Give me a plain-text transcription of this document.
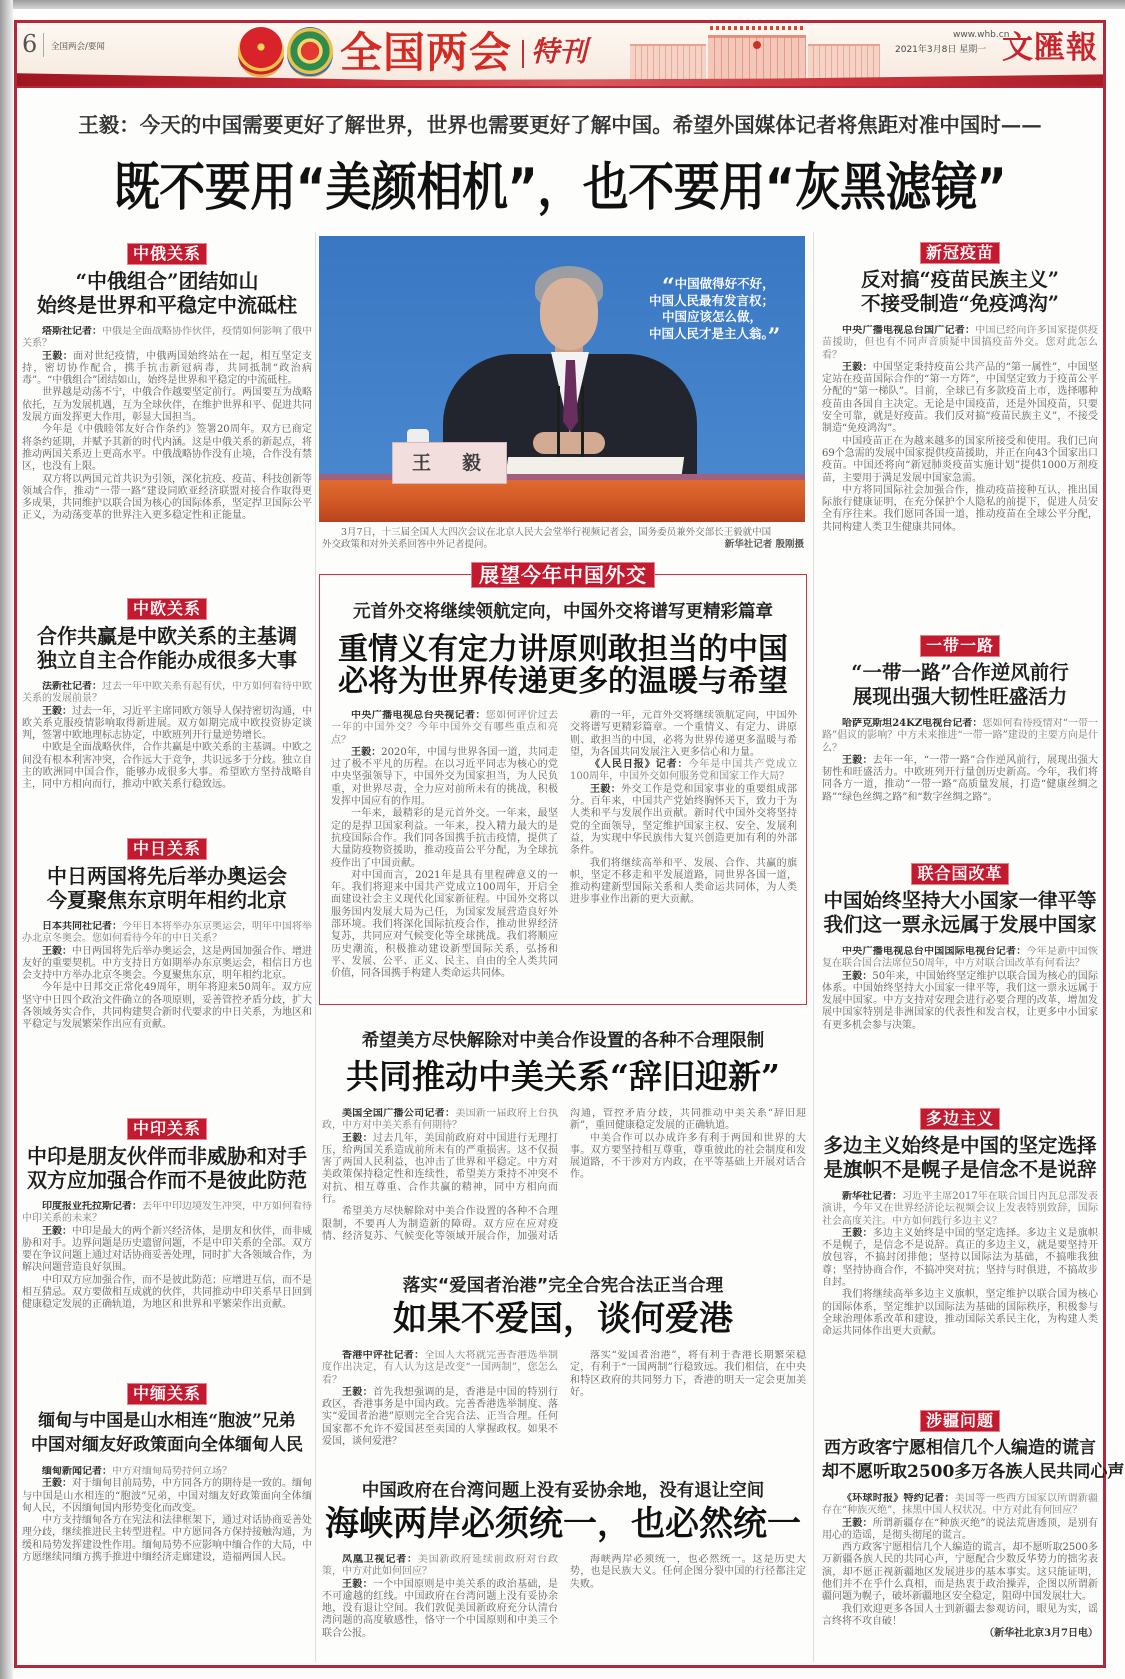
6 全国两会/要闻	全国两会 特刊	www.whb.cn
2021年3月8日 星期一 文匯報
王毅：今天的中国需要更好了解世界，世界也需要更好了解中国。希望外国媒体记者将焦距对准中国时——
既不要用“美颜相机”，也不要用“灰黑滤镜”
中俄关系
“中俄组合”团结如山
始终是世界和平稳定中流砥柱

塔斯社记者：中俄是全面战略协作伙伴，疫情如何影响了俄中关系？

王毅：面对世纪疫情，中俄两国始终站在一起，相互坚定支持，密切协作配合，携手抗击新冠病毒，共同抵制“政治病毒”。“中俄组合”团结如山，始终是世界和平稳定的中流砥柱。

世界越是动荡不宁，中俄合作越要坚定前行。两国要互为战略依托，互为发展机遇，互为全球伙伴，在维护世界和平、促进共同发展方面发挥更大作用，彰显大国担当。

今年是《中俄睦邻友好合作条约》签署20周年。双方已商定将条约延期，并赋予其新的时代内涵。这是中俄关系的新起点，将推动两国关系迈上更高水平。中俄战略协作没有止境，合作没有禁区，也没有上限。

双方将以两国元首共识为引领，深化抗疫、疫苗、科技创新等领域合作，推动“一带一路”建设同欧亚经济联盟对接合作取得更多成果，共同维护以联合国为核心的国际体系，坚定捍卫国际公平正义，为动荡变革的世界注入更多稳定性和正能量。

中欧关系
合作共赢是中欧关系的主基调
独立自主合作能办成很多大事

法新社记者：过去一年中欧关系有起有伏，中方如何看待中欧关系的发展前景？

王毅：过去一年，习近平主席同欧方领导人保持密切沟通，中欧关系克服疫情影响取得新进展。双方如期完成中欧投资协定谈判，签署中欧地理标志协定，中欧班列开行量逆势增长。

中欧是全面战略伙伴，合作共赢是中欧关系的主基调。中欧之间没有根本利害冲突，合作远大于竞争，共识远多于分歧。独立自主的欧洲同中国合作，能够办成很多大事。希望欧方坚持战略自主，同中方相向而行，推动中欧关系行稳致远。

中日关系
中日两国将先后举办奥运会
今夏聚焦东京明年相约北京

日本共同社记者：今年日本将举办东京奥运会，明年中国将举办北京冬奥会。您如何看待今年的中日关系？

王毅：中日两国将先后举办奥运会，这是两国加强合作、增进友好的重要契机。中方支持日方如期举办东京奥运会，相信日方也会支持中方举办北京冬奥会。今夏聚焦东京，明年相约北京。

今年是中日邦交正常化49周年，明年将迎来50周年。双方应坚守中日四个政治文件确立的各项原则，妥善管控矛盾分歧，扩大各领域务实合作，共同构建契合新时代要求的中日关系，为地区和平稳定与发展繁荣作出应有贡献。

中印关系
中印是朋友伙伴而非威胁和对手
双方应加强合作而不是彼此防范

印度报业托拉斯记者：去年中印边境发生冲突，中方如何看待中印关系的未来？

王毅：中印是最大的两个新兴经济体，是朋友和伙伴，而非威胁和对手。边界问题是历史遗留问题，不是中印关系的全部。双方要在争议问题上通过对话协商妥善处理，同时扩大各领域合作，为解决问题营造良好氛围。

中印双方应加强合作，而不是彼此防范；应增进互信，而不是相互猜忌。双方要做相互成就的伙伴，共同推动中印关系早日回到健康稳定发展的正确轨道，为地区和世界和平繁荣作出贡献。

中缅关系
缅甸与中国是山水相连“胞波”兄弟
中国对缅友好政策面向全体缅甸人民

缅甸新闻记者：中方对缅甸局势持何立场？

王毅：对于缅甸目前局势，中方同各方的期待是一致的。缅甸与中国是山水相连的“胞波”兄弟，中国对缅友好政策面向全体缅甸人民，不因缅甸国内形势变化而改变。

中方支持缅甸各方在宪法和法律框架下，通过对话协商妥善处理分歧，继续推进民主转型进程。中方愿同各方保持接触沟通，为缓和局势发挥建设性作用。缅甸局势不应影响中缅合作的大局，中方愿继续同缅方携手推进中缅经济走廊建设，造福两国人民。

王　毅
“中国做得好不好，
中国人民最有发言权；
中国应该怎么做，
中国人民才是主人翁。”
3月7日，十三届全国人大四次会议在北京人民大会堂举行视频记者会，国务委员兼外交部长王毅就中国
外交政策和对外关系回答中外记者提问。	新华社记者 殷刚摄
展望今年中国外交
元首外交将继续领航定向，中国外交将谱写更精彩篇章
重情义有定力讲原则敢担当的中国
必将为世界传递更多的温暖与希望

中央广播电视总台央视记者：您如何评价过去一年的中国外交？今年中国外交有哪些重点和亮点？

王毅：2020年，中国与世界各国一道，共同走过了极不平凡的历程。在以习近平同志为核心的党中央坚强领导下，中国外交为国家担当，为人民负重，对世界尽责，全力应对前所未有的挑战，积极发挥中国应有的作用。

一年来，最精彩的是元首外交。一年来，最坚定的是捍卫国家利益。一年来，投入精力最大的是抗疫国际合作。我们同各国携手抗击疫情，提供了大量防疫物资援助，推动疫苗公平分配，为全球抗疫作出了中国贡献。

对中国而言，2021年是具有里程碑意义的一年。我们将迎来中国共产党成立100周年，开启全面建设社会主义现代化国家新征程。中国外交将以服务国内发展大局为己任，为国家发展营造良好外部环境。我们将深化国际抗疫合作，推动世界经济复苏，共同应对气候变化等全球挑战。我们将顺应历史潮流，积极推动建设新型国际关系，弘扬和平、发展、公平、正义、民主、自由的全人类共同价值，同各国携手构建人类命运共同体。

新的一年，元首外交将继续领航定向，中国外交将谱写更精彩篇章。一个重情义、有定力、讲原则、敢担当的中国，必将为世界传递更多温暖与希望，为各国共同发展注入更多信心和力量。

《人民日报》记者：今年是中国共产党成立100周年，中国外交如何服务党和国家工作大局？

王毅：外交工作是党和国家事业的重要组成部分。百年来，中国共产党始终胸怀天下，致力于为人类和平与发展作出贡献。新时代中国外交将坚持党的全面领导，坚定维护国家主权、安全、发展利益，为实现中华民族伟大复兴创造更加有利的外部条件。

我们将继续高举和平、发展、合作、共赢的旗帜，坚定不移走和平发展道路，同世界各国一道，推动构建新型国际关系和人类命运共同体，为人类进步事业作出新的更大贡献。

希望美方尽快解除对中美合作设置的各种不合理限制
共同推动中美关系“辞旧迎新”

美国全国广播公司记者：美国新一届政府上台执政，中方对中美关系有何期待？

王毅：过去几年，美国前政府对中国进行无理打压，给两国关系造成前所未有的严重损害。这不仅损害了两国人民利益，也冲击了世界和平稳定。中方对美政策保持稳定性和连续性，希望美方秉持不冲突不对抗、相互尊重、合作共赢的精神，同中方相向而行。

希望美方尽快解除对中美合作设置的各种不合理限制，不要再人为制造新的障碍。双方应在应对疫情、经济复苏、气候变化等领域开展合作，加强对话沟通，管控矛盾分歧，共同推动中美关系“辞旧迎新”，重回健康稳定发展的正确轨道。

中美合作可以办成许多有利于两国和世界的大事。双方要坚持相互尊重，尊重彼此的社会制度和发展道路，不干涉对方内政，在平等基础上开展对话合作。

落实“爱国者治港”完全合宪合法正当合理
如果不爱国，谈何爱港

香港中评社记者：全国人大将就完善香港选举制度作出决定，有人认为这是改变“一国两制”，您怎么看？

王毅：首先我想强调的是，香港是中国的特别行政区，香港事务是中国内政。完善香港选举制度、落实“爱国者治港”原则完全合宪合法、正当合理。任何国家都不允许不爱国甚至卖国的人掌握政权。如果不爱国，谈何爱港？

落实“爱国者治港”，将有利于香港长期繁荣稳定，有利于“一国两制”行稳致远。我们相信，在中央和特区政府的共同努力下，香港的明天一定会更加美好。

中国政府在台湾问题上没有妥协余地，没有退让空间
海峡两岸必须统一，也必然统一

凤凰卫视记者：美国新政府延续前政府对台政策，中方对此如何回应？

王毅：一个中国原则是中美关系的政治基础，是不可逾越的红线。中国政府在台湾问题上没有妥协余地，没有退让空间。我们敦促美国新政府充分认清台湾问题的高度敏感性，恪守一个中国原则和中美三个联合公报。

海峡两岸必须统一，也必然统一。这是历史大势，也是民族大义。任何企图分裂中国的行径都注定失败。

新冠疫苗
反对搞“疫苗民族主义”
不接受制造“免疫鸿沟”

中央广播电视总台国广记者：中国已经向许多国家提供疫苗援助，但也有不同声音质疑中国搞疫苗外交。您对此怎么看？

王毅：中国坚定秉持疫苗公共产品的“第一属性”，中国坚定站在疫苗国际合作的“第一方阵”，中国坚定致力于疫苗公平分配的“第一梯队”。目前，全球已有多款疫苗上市，选择哪种疫苗由各国自主决定。无论是中国疫苗，还是外国疫苗，只要安全可靠，就是好疫苗。我们反对搞“疫苗民族主义”，不接受制造“免疫鸿沟”。

中国疫苗正在为越来越多的国家所接受和使用。我们已向69个急需的发展中国家提供疫苗援助，并正在向43个国家出口疫苗。中国还将向“新冠肺炎疫苗实施计划”提供1000万剂疫苗，主要用于满足发展中国家急需。

中方将同国际社会加强合作，推动疫苗接种互认，推出国际旅行健康证明，在充分保护个人隐私的前提下，促进人员安全有序往来。我们愿同各国一道，推动疫苗在全球公平分配，共同构建人类卫生健康共同体。

一带一路
“一带一路”合作逆风前行
展现出强大韧性旺盛活力

哈萨克斯坦24KZ电视台记者：您如何看待疫情对“一带一路”倡议的影响？中方未来推进“一带一路”建设的主要方向是什么？

王毅：去年一年，“一带一路”合作逆风前行，展现出强大韧性和旺盛活力。中欧班列开行量创历史新高。今年，我们将同各方一道，推动“一带一路”高质量发展，打造“健康丝绸之路”“绿色丝绸之路”和“数字丝绸之路”。

联合国改革
中国始终坚持大小国家一律平等
我们这一票永远属于发展中国家

中央广播电视总台中国国际电视台记者：今年是新中国恢复在联合国合法席位50周年，中方对联合国改革有何看法？

王毅：50年来，中国始终坚定维护以联合国为核心的国际体系。中国始终坚持大小国家一律平等，我们这一票永远属于发展中国家。中方支持对安理会进行必要合理的改革，增加发展中国家特别是非洲国家的代表性和发言权，让更多中小国家有更多机会参与决策。

多边主义
多边主义始终是中国的坚定选择
是旗帜不是幌子是信念不是说辞

新华社记者：习近平主席2017年在联合国日内瓦总部发表演讲，今年又在世界经济论坛视频会议上发表特别致辞，国际社会高度关注。中方如何践行多边主义？

王毅：多边主义始终是中国的坚定选择。多边主义是旗帜不是幌子，是信念不是说辞。真正的多边主义，就是要坚持开放包容，不搞封闭排他；坚持以国际法为基础，不搞唯我独尊；坚持协商合作，不搞冲突对抗；坚持与时俱进，不搞故步自封。

我们将继续高举多边主义旗帜，坚定维护以联合国为核心的国际体系，坚定维护以国际法为基础的国际秩序，积极参与全球治理体系改革和建设，推动国际关系民主化，为构建人类命运共同体作出更大贡献。

涉疆问题
西方政客宁愿相信几个人编造的谎言
却不愿听取2500多万各族人民共同心声

《环球时报》特约记者：美国等一些西方国家以所谓新疆存在“种族灭绝”，抹黑中国人权状况。中方对此有何回应？

王毅：所谓新疆存在“种族灭绝”的说法荒唐透顶，是别有用心的造谣，是彻头彻尾的谎言。

西方政客宁愿相信几个人编造的谎言，却不愿听取2500多万新疆各族人民的共同心声，宁愿配合少数反华势力的拙劣表演，却不愿正视新疆地区发展进步的基本事实。这只能证明，他们并不在乎什么真相，而是热衷于政治操弄，企图以所谓新疆问题为幌子，破坏新疆地区安全稳定，阻碍中国发展壮大。

我们欢迎更多各国人士到新疆去参观访问，眼见为实，谣言终将不攻自破！

（新华社北京3月7日电）
